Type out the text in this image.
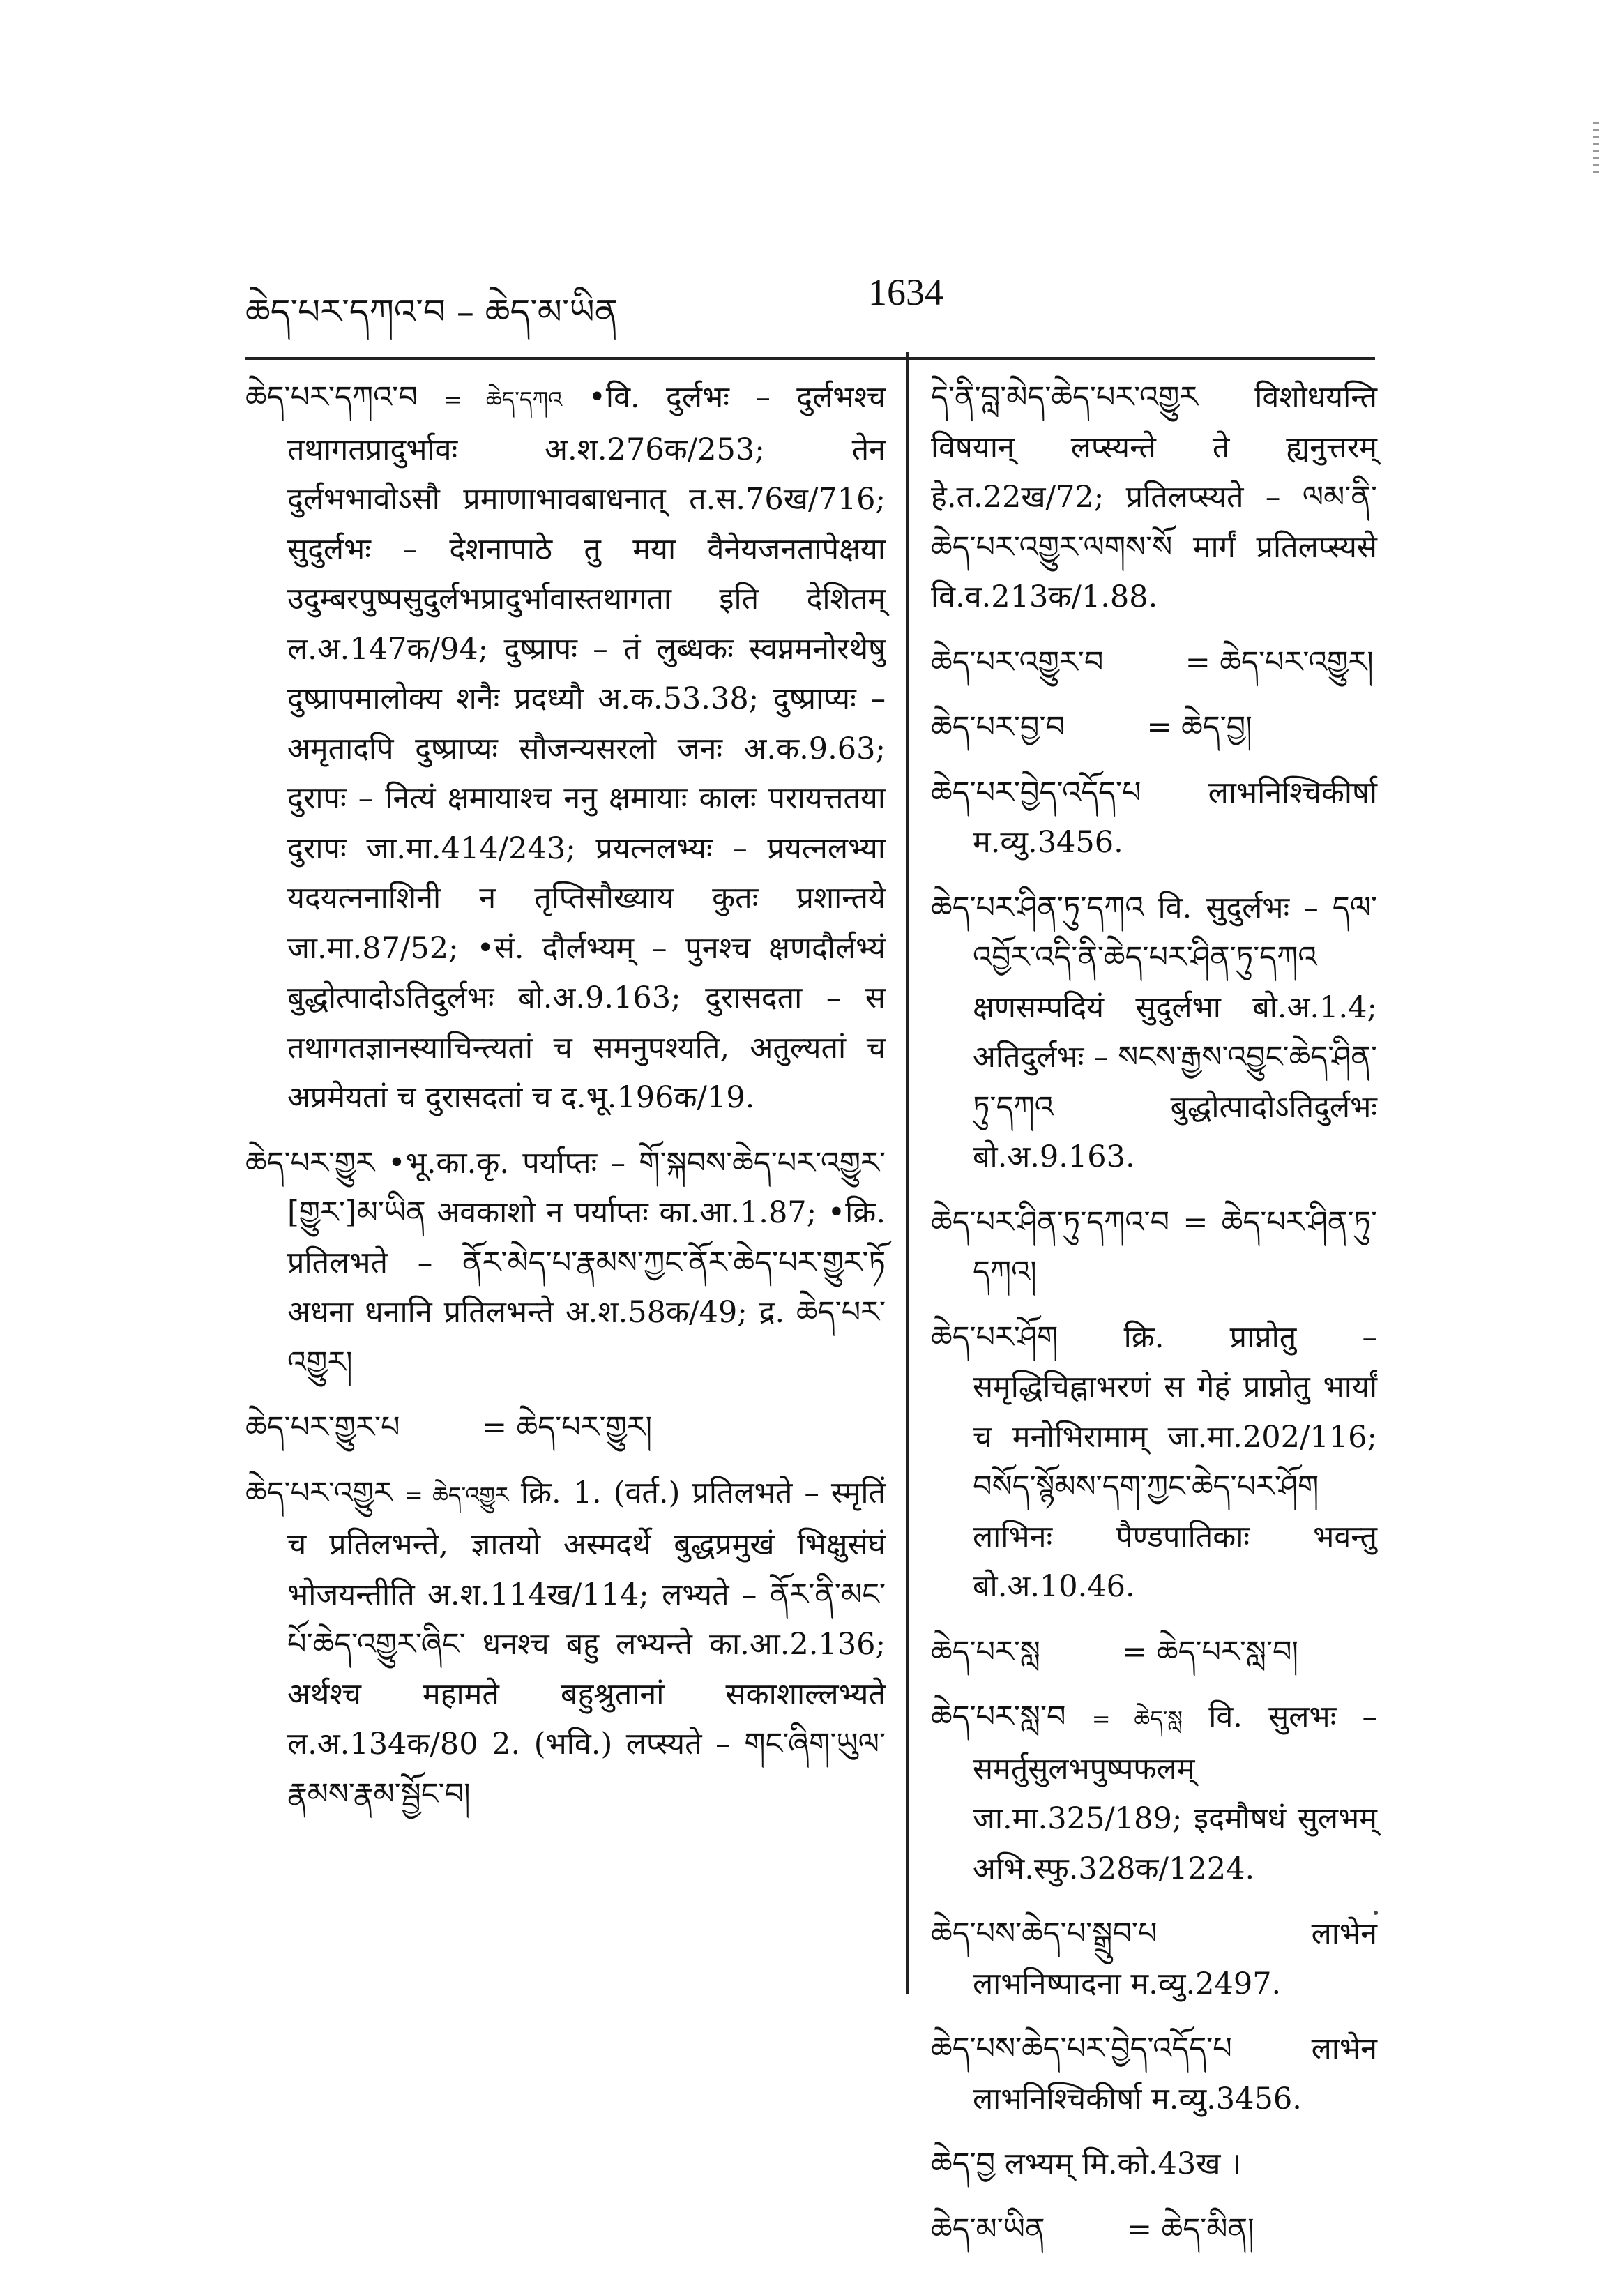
ཆེད་པར་དཀའ་བ – ཆེད་མ་ཡིན	1634

ཆེད་པར་དཀའ་བ = ཆེད་དཀའ •वि. दुर्लभः – दुर्लभश्च तथागतप्रादुर्भावः अ.श.276क/253; तेन दुर्लभभावोऽसौ प्रमाणाभावबाधनात् त.स.76ख/716; सुदुर्लभः – देशनापाठे तु मया वैनेयजनतापेक्षया उदुम्बरपुष्पसुदुर्लभप्रादुर्भावास्तथागता इति देशितम् ल.अ.147क/94; दुष्प्रापः – तं लुब्धकः स्वप्नमनोरथेषु दुष्प्रापमालोक्य शनैः प्रदध्यौ अ.क.53.38; दुष्प्राप्यः – अमृतादपि दुष्प्राप्यः सौजन्यसरलो जनः अ.क.9.63; दुरापः – नित्यं क्षमायाश्च ननु क्षमायाः कालः परायत्ततया दुरापः जा.मा.414/243; प्रयत्नलभ्यः – प्रयत्नलभ्या यदयत्ननाशिनी न तृप्तिसौख्याय कुतः प्रशान्तये जा.मा.87/52; •सं. दौर्लभ्यम् – पुनश्च क्षणदौर्लभ्यं बुद्धोत्पादोऽतिदुर्लभः बो.अ.9.163; दुरासदता – स तथागतज्ञानस्याचिन्त्यतां च समनुपश्यति, अतुल्यतां च अप्रमेयतां च दुरासदतां च द.भू.196क/19.

ཆེད་པར་གྱུར •भू.का.कृ. पर्याप्तः – གོ་སྐབས་ཆེད་པར་འགྱུར་[གྱུར་]མ་ཡིན अवकाशो न पर्याप्तः का.आ.1.87; •क्रि. प्रतिलभते – ནོར་མེད་པ་རྣམས་ཀྱང་ནོར་ཆེད་པར་གྱུར་ཏོ अधना धनानि प्रतिलभन्ते अ.श.58क/49; द्र. ཆེད་པར་འགྱུར།

ཆེད་པར་གྱུར་པ	= ཆེད་པར་གྱུར།

ཆེད་པར་འགྱུར = ཆེད་འགྱུར क्रि. 1. (वर्त.) प्रतिलभते – स्मृतिं च प्रतिलभन्ते, ज्ञातयो अस्मदर्थे बुद्धप्रमुखं भिक्षुसंघं भोजयन्तीति अ.श.114ख/114; लभ्यते – ནོར་ནི་མང་པོ་ཆེད་འགྱུར་ཞིང་ धनश्च बहु लभ्यन्ते का.आ.2.136; अर्थश्च महामते बहुश्रुतानां सकाशाल्लभ्यते ल.अ.134क/80 2. (भवि.) लप्स्यते – གང་ཞིག་ཡུལ་རྣམས་རྣམ་སྦྱོང་བ།

དེ་ནི་བླ་མེད་ཆེད་པར་འགྱུར विशोधयन्ति विषयान् लप्स्यन्ते ते ह्यनुत्तरम् हे.त.22ख/72; प्रतिलप्स्यते – ལམ་ནི་ཆེད་པར་འགྱུར་ལགས་སོ मार्गं प्रतिलप्स्यसे वि.व.213क/1.88.

ཆེད་པར་འགྱུར་བ	= ཆེད་པར་འགྱུར།

ཆེད་པར་བྱ་བ	= ཆེད་བྱ།

ཆེད་པར་བྱེད་འདོད་པ लाभनिश्चिकीर्षा म.व्यु.3456.

ཆེད་པར་ཤིན་ཏུ་དཀའ वि. सुदुर्लभः – དལ་འབྱོར་འདི་ནི་ཆེད་པར་ཤིན་ཏུ་དཀའ क्षणसम्पदियं सुदुर्लभा बो.अ.1.4; अतिदुर्लभः – སངས་རྒྱས་འབྱུང་ཆེད་ཤིན་ཏུ་དཀའ बुद्धोत्पादोऽतिदुर्लभः बो.अ.9.163.

ཆེད་པར་ཤིན་ཏུ་དཀའ་བ = ཆེད་པར་ཤིན་ཏུ་དཀའ།

ཆེད་པར་ཤོག क्रि. प्राप्नोतु – समृद्धिचिह्नाभरणं स गेहं प्राप्नोतु भार्यां च मनोभिरामाम् जा.मा.202/116; བསོད་སྙོམས་དག་ཀྱང་ཆེད་པར་ཤོག लाभिनः पैण्डपातिकाः भवन्तु बो.अ.10.46.

ཆེད་པར་སླ	= ཆེད་པར་སླ་བ།

ཆེད་པར་སླ་བ = ཆེད་སླ वि. सुलभः – समर्तुसुलभपुष्पफलम् जा.मा.325/189; इदमौषधं सुलभम् अभि.स्फु.328क/1224.

ཆེད་པས་ཆེད་པ་སྒྲུབ་པ	लाभेन लाभनिष्पादना म.व्यु.2497.

ཆེད་པས་ཆེད་པར་བྱེད་འདོད་པ	लाभेन लाभनिश्चिकीर्षा म.व्यु.3456.

ཆེད་བྱ लभ्यम् मि.को.43ख ।

ཆེད་མ་ཡིན	= ཆེད་མིན།
